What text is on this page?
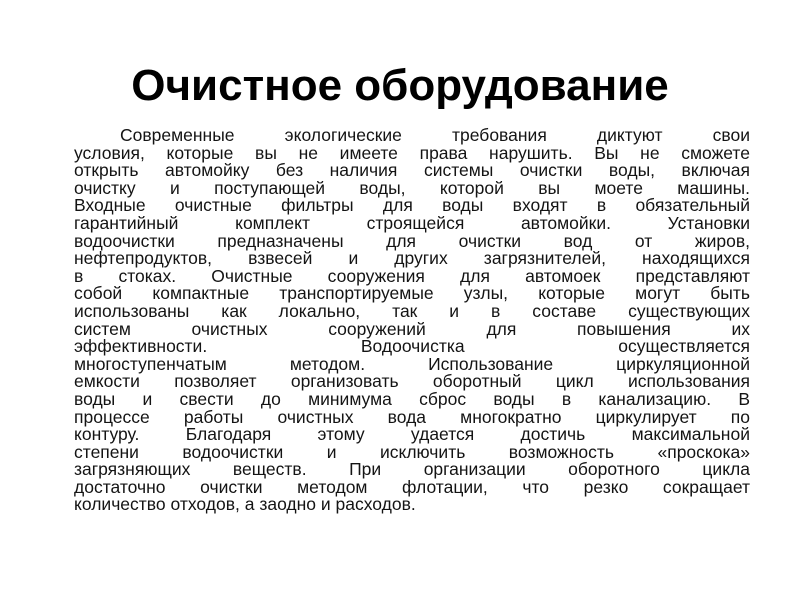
Очистное оборудование
Современные экологические требования диктуют свои
условия, которые вы не имеете права нарушить. Вы не сможете
открыть автомойку без наличия системы очистки воды, включая
очистку и поступающей воды, которой вы моете машины.
Входные очистные фильтры для воды входят в обязательный
гарантийный комплект строящейся автомойки. Установки
водоочистки предназначены для очистки вод от жиров,
нефтепродуктов, взвесей и других загрязнителей, находящихся
в стоках. Очистные сооружения для автомоек представляют
собой компактные транспортируемые узлы, которые могут быть
использованы как локально, так и в составе существующих
систем очистных сооружений для повышения их
эффективности. Водоочистка осуществляется
многоступенчатым методом. Использование циркуляционной
емкости позволяет организовать оборотный цикл использования
воды и свести до минимума сброс воды в канализацию. В
процессе работы очистных вода многократно циркулирует по
контуру. Благодаря этому удается достичь максимальной
степени водоочистки и исключить возможность «проскока»
загрязняющих веществ. При организации оборотного цикла
достаточно очистки методом флотации, что резко сокращает
количество отходов, а заодно и расходов.
